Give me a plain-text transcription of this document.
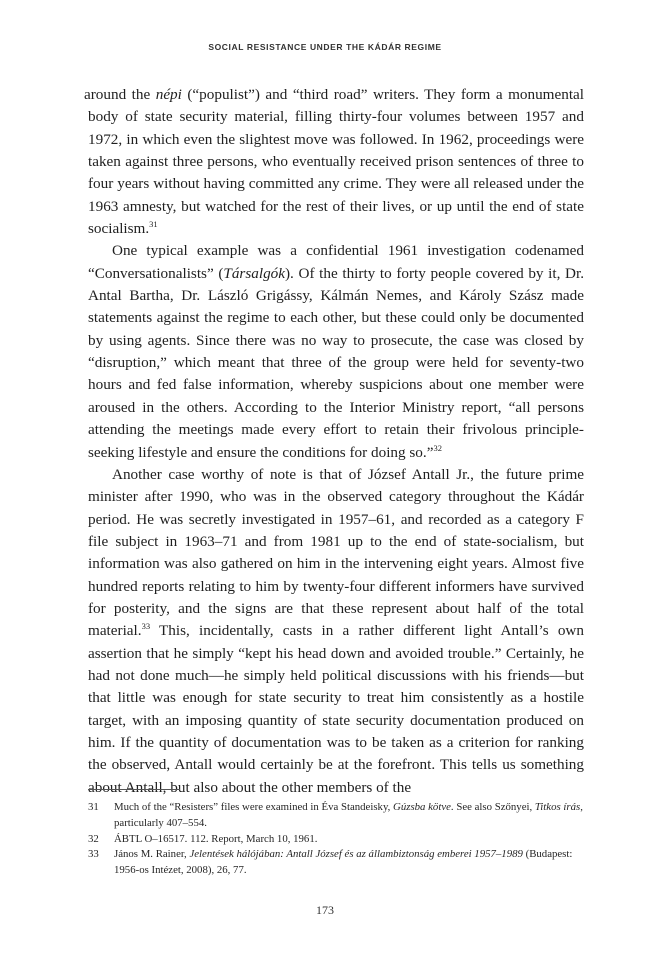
SOCIAL RESISTANCE UNDER THE KÁDÁR REGIME

around the népi (“populist”) and “third road” writers. They form a monumental body of state security material, filling thirty-four volumes between 1957 and 1972, in which even the slightest move was followed. In 1962, proceedings were taken against three persons, who eventually received prison sentences of three to four years without having committed any crime. They were all released under the 1963 amnesty, but watched for the rest of their lives, or up until the end of state socialism.$^{31}$

One typical example was a confidential 1961 investigation codenamed “Conversationalists” (Társalgók). Of the thirty to forty people covered by it, Dr. Antal Bartha, Dr. László Grigássy, Kálmán Nemes, and Károly Szász made statements against the regime to each other, but these could only be documented by using agents. Since there was no way to prosecute, the case was closed by “disruption,” which meant that three of the group were held for seventy-two hours and fed false information, whereby suspicions about one member were aroused in the others. According to the Interior Ministry report, “all persons attending the meetings made every effort to retain their frivolous principle-seeking lifestyle and ensure the conditions for doing so.”$^{32}$

Another case worthy of note is that of József Antall Jr., the future prime minister after 1990, who was in the observed category throughout the Kádár period. He was secretly investigated in 1957–61, and recorded as a category F file subject in 1963–71 and from 1981 up to the end of state-socialism, but information was also gathered on him in the intervening eight years. Almost five hundred reports relating to him by twenty-four different informers have survived for posterity, and the signs are that these represent about half of the total material.$^{33}$ This, incidentally, casts in a rather different light Antall’s own assertion that he simply “kept his head down and avoided trouble.” Certainly, he had not done much—he simply held political discussions with his friends—but that little was enough for state security to treat him consistently as a hostile target, with an imposing quantity of state security documentation produced on him. If the quantity of documentation was to be taken as a criterion for ranking the observed, Antall would certainly be at the forefront. This tells us something about Antall, but also about the other members of the

31	Much of the “Resisters” files were examined in Éva Standeisky, Gúzsba kötve. See also Szőnyei, Titkos írás, particularly 407–554.
32	ÁBTL O–16517. 112. Report, March 10, 1961.
33	János M. Rainer, Jelentések hálójában: Antall József és az állambiztonság emberei 1957–1989 (Budapest: 1956-os Intézet, 2008), 26, 77.
173
